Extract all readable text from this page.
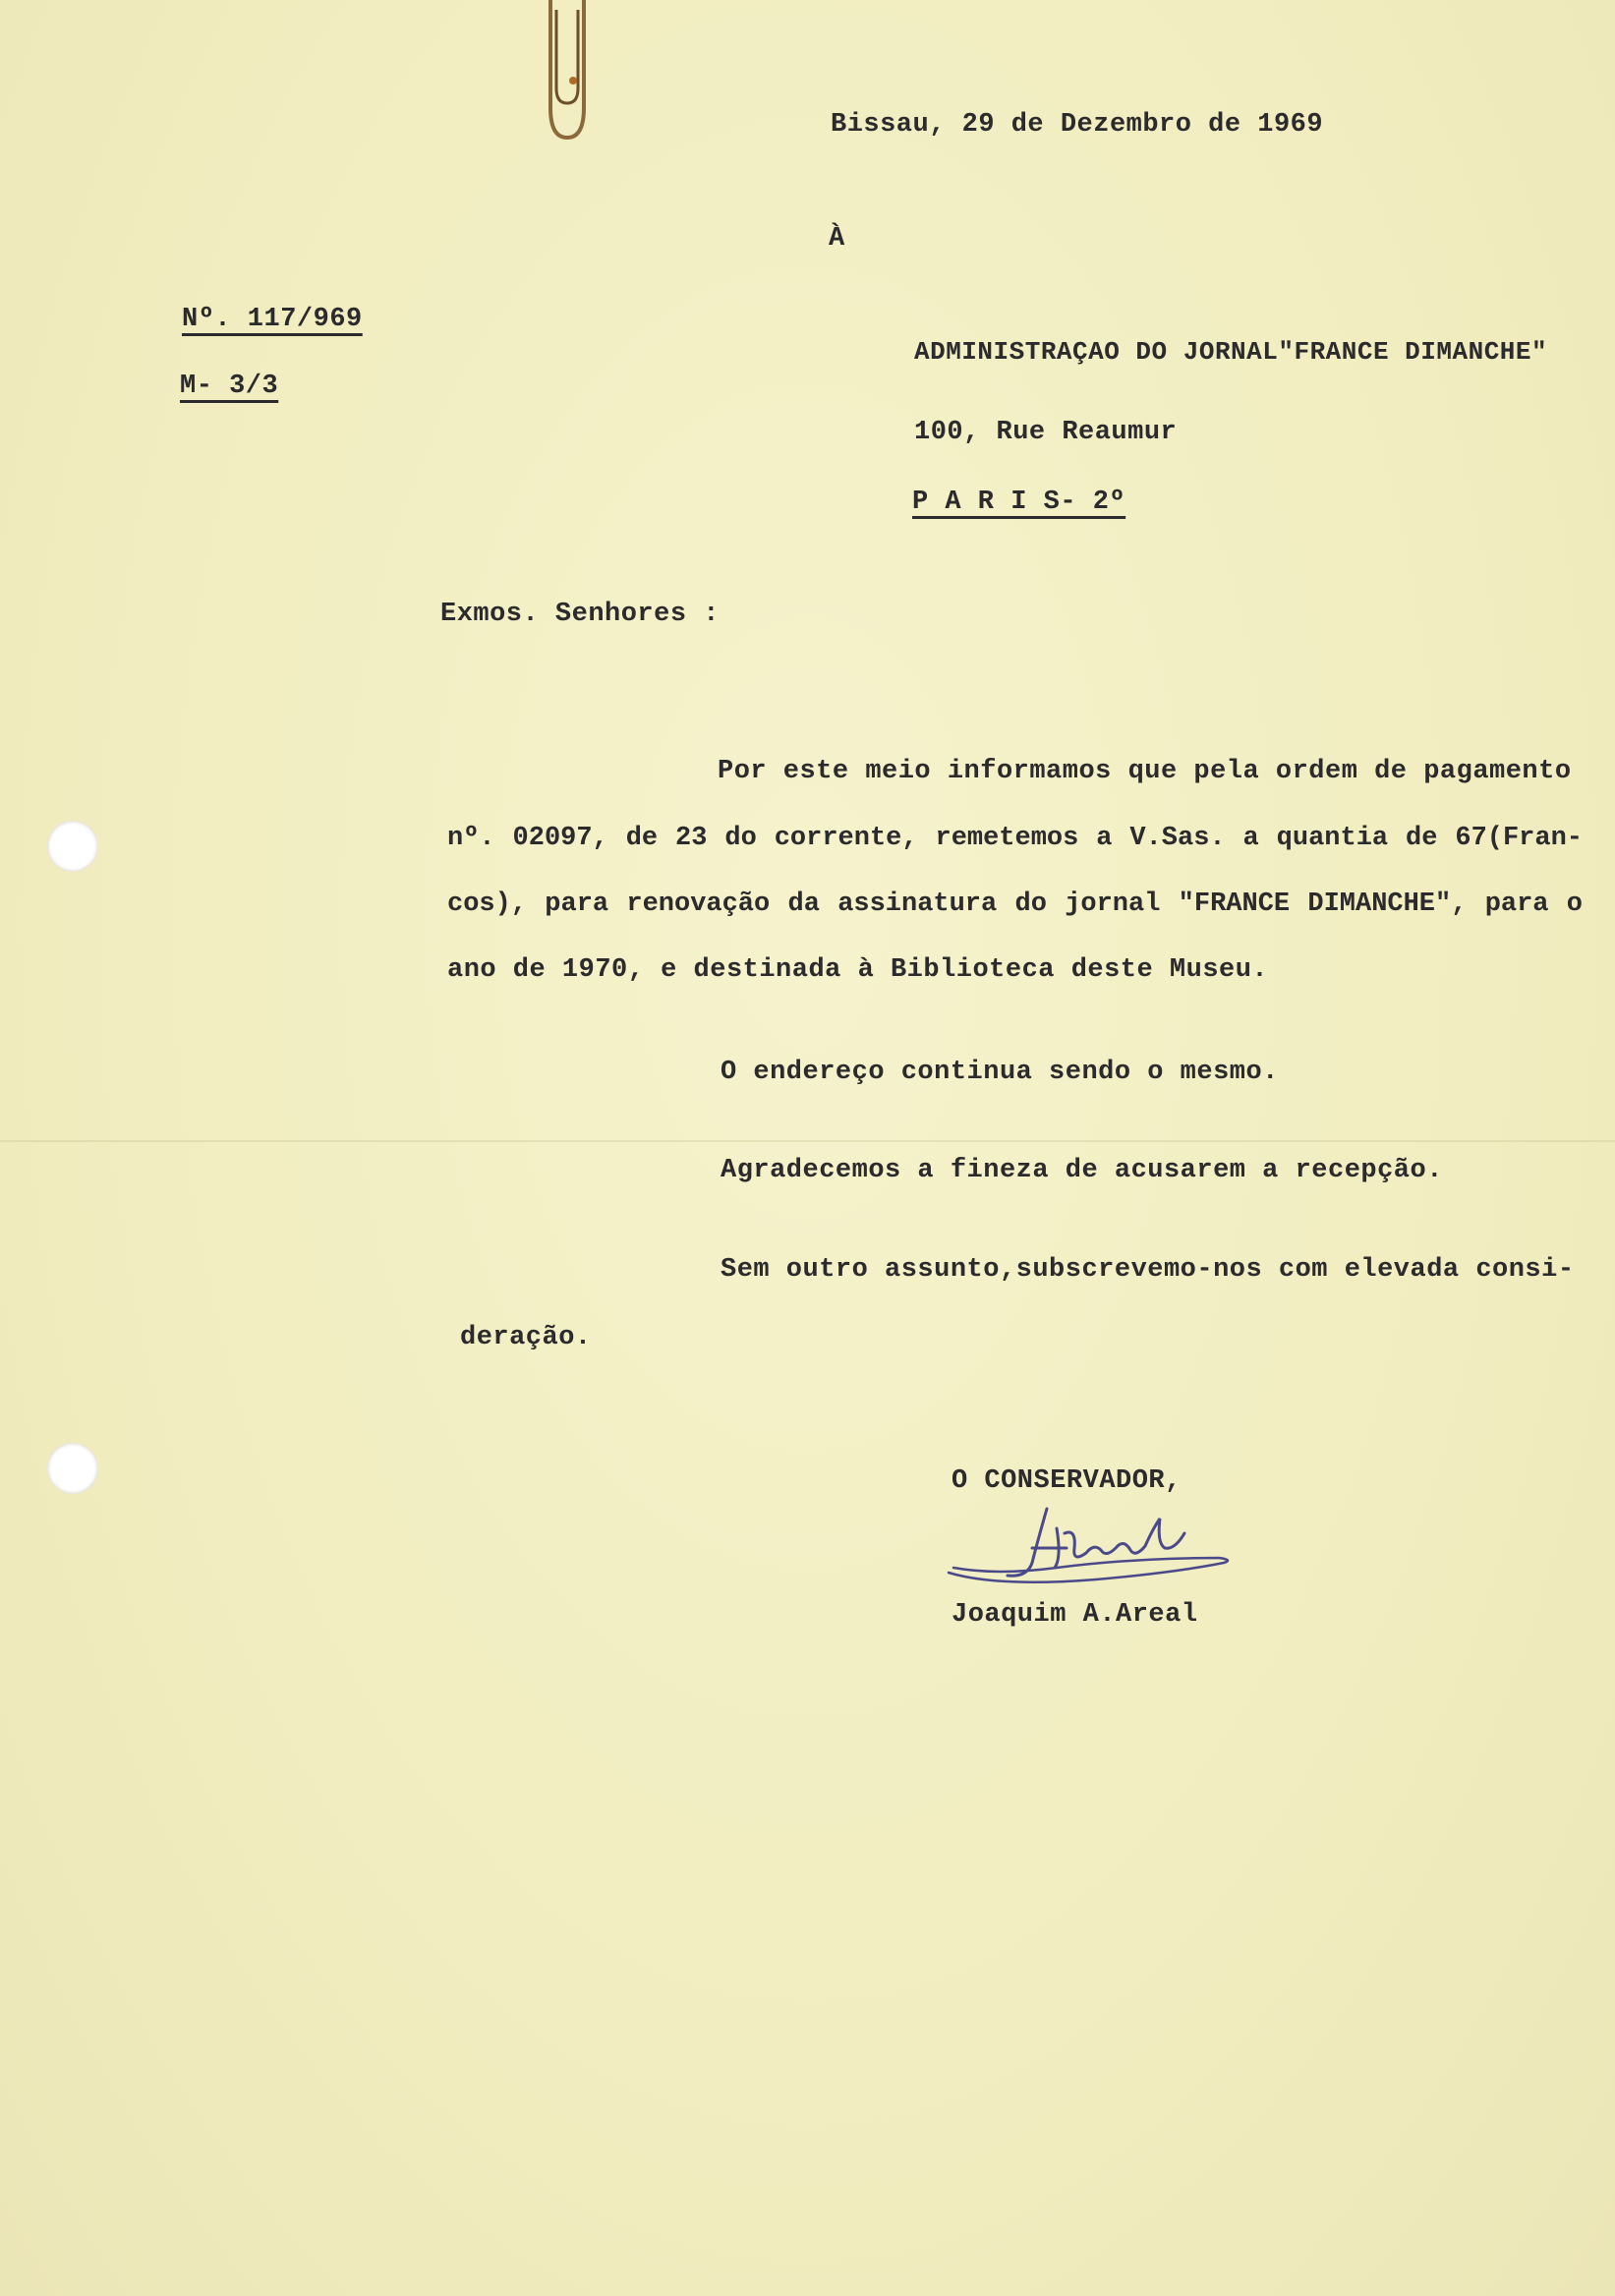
Bissau, 29 de Dezembro de 1969
À
Nº. 117/969
M- 3/3
ADMINISTRAÇAO DO JORNAL"FRANCE DIMANCHE"
100, Rue Reaumur
P A R I S- 2º
Exmos. Senhores :
Por este meio informamos que pela ordem de pagamento
nº. 02097, de 23 do corrente, remetemos a V.Sas. a quantia de 67(Fran-
cos), para renovação da assinatura do jornal "FRANCE DIMANCHE", para o
ano de 1970, e destinada à Biblioteca deste Museu.
O endereço continua sendo o mesmo.
Agradecemos a fineza de acusarem a recepção.
Sem outro assunto,subscrevemo-nos com elevada consi-
deração.
O CONSERVADOR,
Joaquim A.Areal
